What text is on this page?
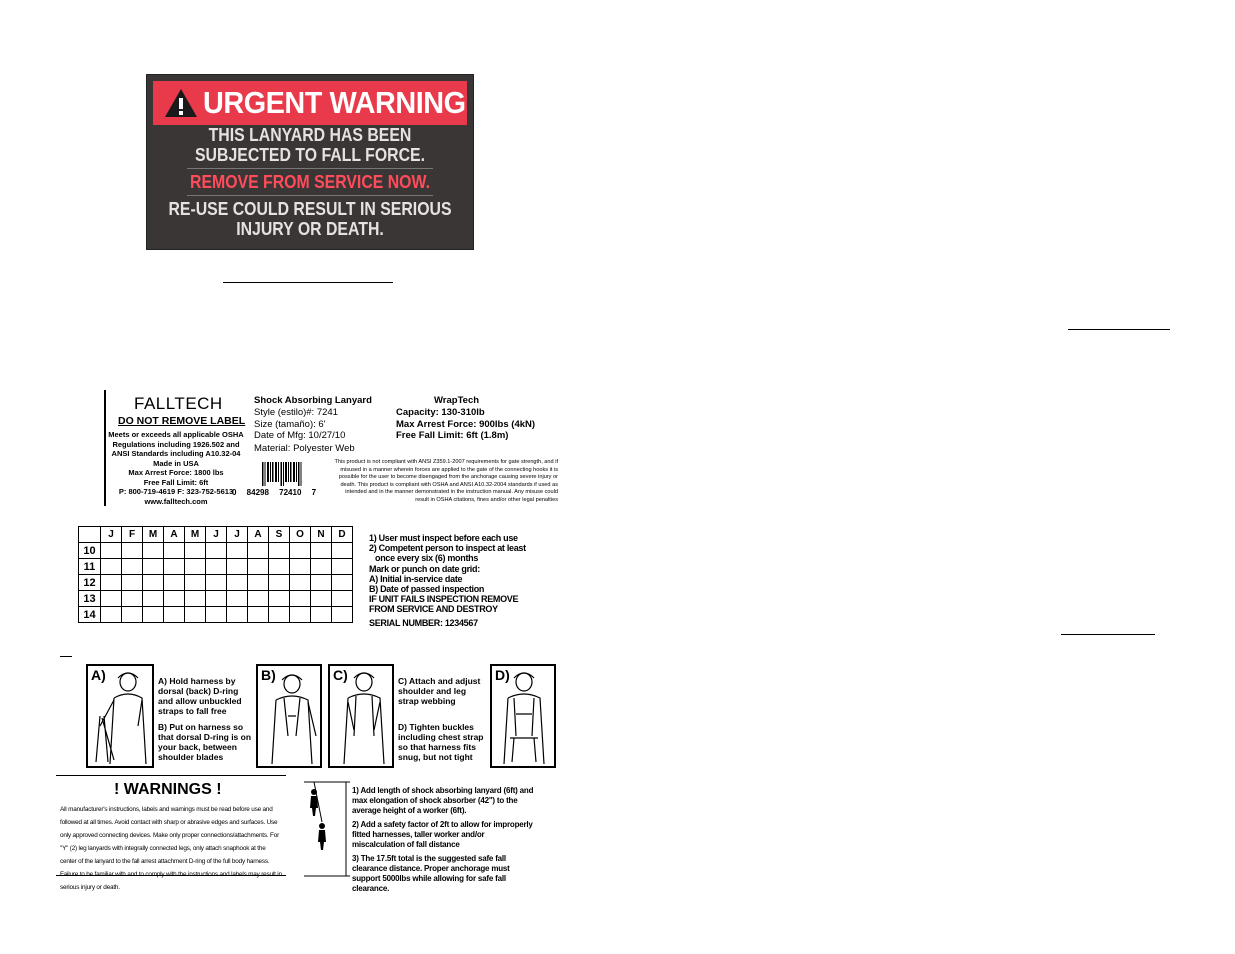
URGENT WARNING
THIS LANYARD HAS BEEN
SUBJECTED TO FALL FORCE.
REMOVE FROM SERVICE NOW.
RE-USE COULD RESULT IN SERIOUS
INJURY OR DEATH.
FALLTECH
DO NOT REMOVE LABEL
Meets or exceeds all applicable OSHA
Regulations including 1926.502 and
ANSI Standards including A10.32-04
Made in USA
Max Arrest Force: 1800 lbs
Free Fall Limit: 6ft
P: 800-719-4619 F: 323-752-5613
www.falltech.com
Shock Absorbing Lanyard
Style (estilo)#: 7241
Size (tamaño): 6'
Date of Mfg: 10/27/10
Material: Polyester Web
WrapTech
Capacity: 130-310lb
Max Arrest Force: 900lbs (4kN)
Free Fall Limit: 6ft (1.8m)
0 84298 72410 7
This product is not compliant with ANSI Z359.1-2007 requirements for gate strength, and if misused in a manner wherein forces are applied to the gate of the connecting hooks it is possible for the user to become disengaged from the anchorage causing severe injury or death. This product is compliant with OSHA and ANSI A10.32-2004 standards if used as intended and in the manner demonstrated in the instruction manual. Any misuse could result in OSHA citations, fines and/or other legal penalties
	J	F	M	A	M	J	J	A	S	O	N	D
10												
11												
12												
13												
14												
1) User must inspect before each use
2) Competent person to inspect at least
once every six (6) months
Mark or punch on date grid:
A) Initial in-service date
B) Date of passed inspection
IF UNIT FAILS INSPECTION REMOVE
FROM SERVICE AND DESTROY
SERIAL NUMBER: 1234567
A)	A) Hold harness by dorsal (back) D-ring and allow unbuckled straps to fall free
B) Put on harness so that dorsal D-ring is on your back, between shoulder blades
B)	C)	C) Attach and adjust shoulder and leg strap webbing
D) Tighten buckles including chest strap so that harness fits snug, but not tight
D)
! WARNINGS !
All manufacturer's instructions, labels and warnings must be read before use and followed at all times. Avoid contact with sharp or abrasive edges and surfaces. Use only approved connecting devices. Make only proper connections/attachments. For "Y" (2) leg lanyards with integrally connected legs, only attach snaphook at the center of the lanyard to the fall arrest attachment D-ring of the full body harness. serious injury or death.
1) Add length of shock absorbing lanyard (6ft) and max elongation of shock absorber (42") to the average height of a worker (6ft).
2) Add a safety factor of 2ft to allow for improperly fitted harnesses, taller worker and/or miscalculation of fall distance
3) The 17.5ft total is the suggested safe fall clearance distance. Proper anchorage must support 5000lbs while allowing for safe fall clearance.
